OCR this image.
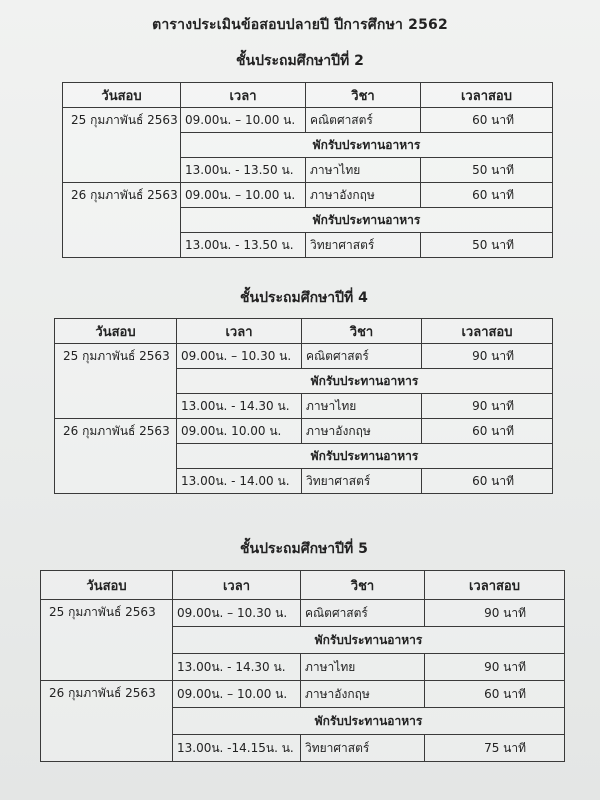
ตารางประเมินข้อสอบปลายปี ปีการศึกษา 2562
ชั้นประถมศึกษาปีที่ 2
วันสอบ	เวลา	วิชา	เวลาสอบ
25 กุมภาพันธ์ 2563	09.00น. – 10.00 น.	คณิตศาสตร์	60 นาที
	พักรับประทานอาหาร		
	13.00น. - 13.50 น.	ภาษาไทย	50 นาที
26 กุมภาพันธ์ 2563	09.00น. – 10.00 น.	ภาษาอังกฤษ	60 นาที
	พักรับประทานอาหาร		
	13.00น. - 13.50 น.	วิทยาศาสตร์	50 นาที
ชั้นประถมศึกษาปีที่ 4
วันสอบ	เวลา	วิชา	เวลาสอบ
25 กุมภาพันธ์ 2563	09.00น. – 10.30 น.	คณิตศาสตร์	90 นาที
	พักรับประทานอาหาร		
	13.00น. - 14.30 น.	ภาษาไทย	90 นาที
26 กุมภาพันธ์ 2563	09.00น. 10.00 น.	ภาษาอังกฤษ	60 นาที
	พักรับประทานอาหาร		
	13.00น. - 14.00 น.	วิทยาศาสตร์	60 นาที
ชั้นประถมศึกษาปีที่ 5
วันสอบ	เวลา	วิชา	เวลาสอบ
25 กุมภาพันธ์ 2563	09.00น. – 10.30 น.	คณิตศาสตร์	90 นาที
	พักรับประทานอาหาร		
	13.00น. - 14.30 น.	ภาษาไทย	90 นาที
26 กุมภาพันธ์ 2563	09.00น. – 10.00 น.	ภาษาอังกฤษ	60 นาที
	พักรับประทานอาหาร		
	13.00น. -14.15น. น.	วิทยาศาสตร์	75 นาที
